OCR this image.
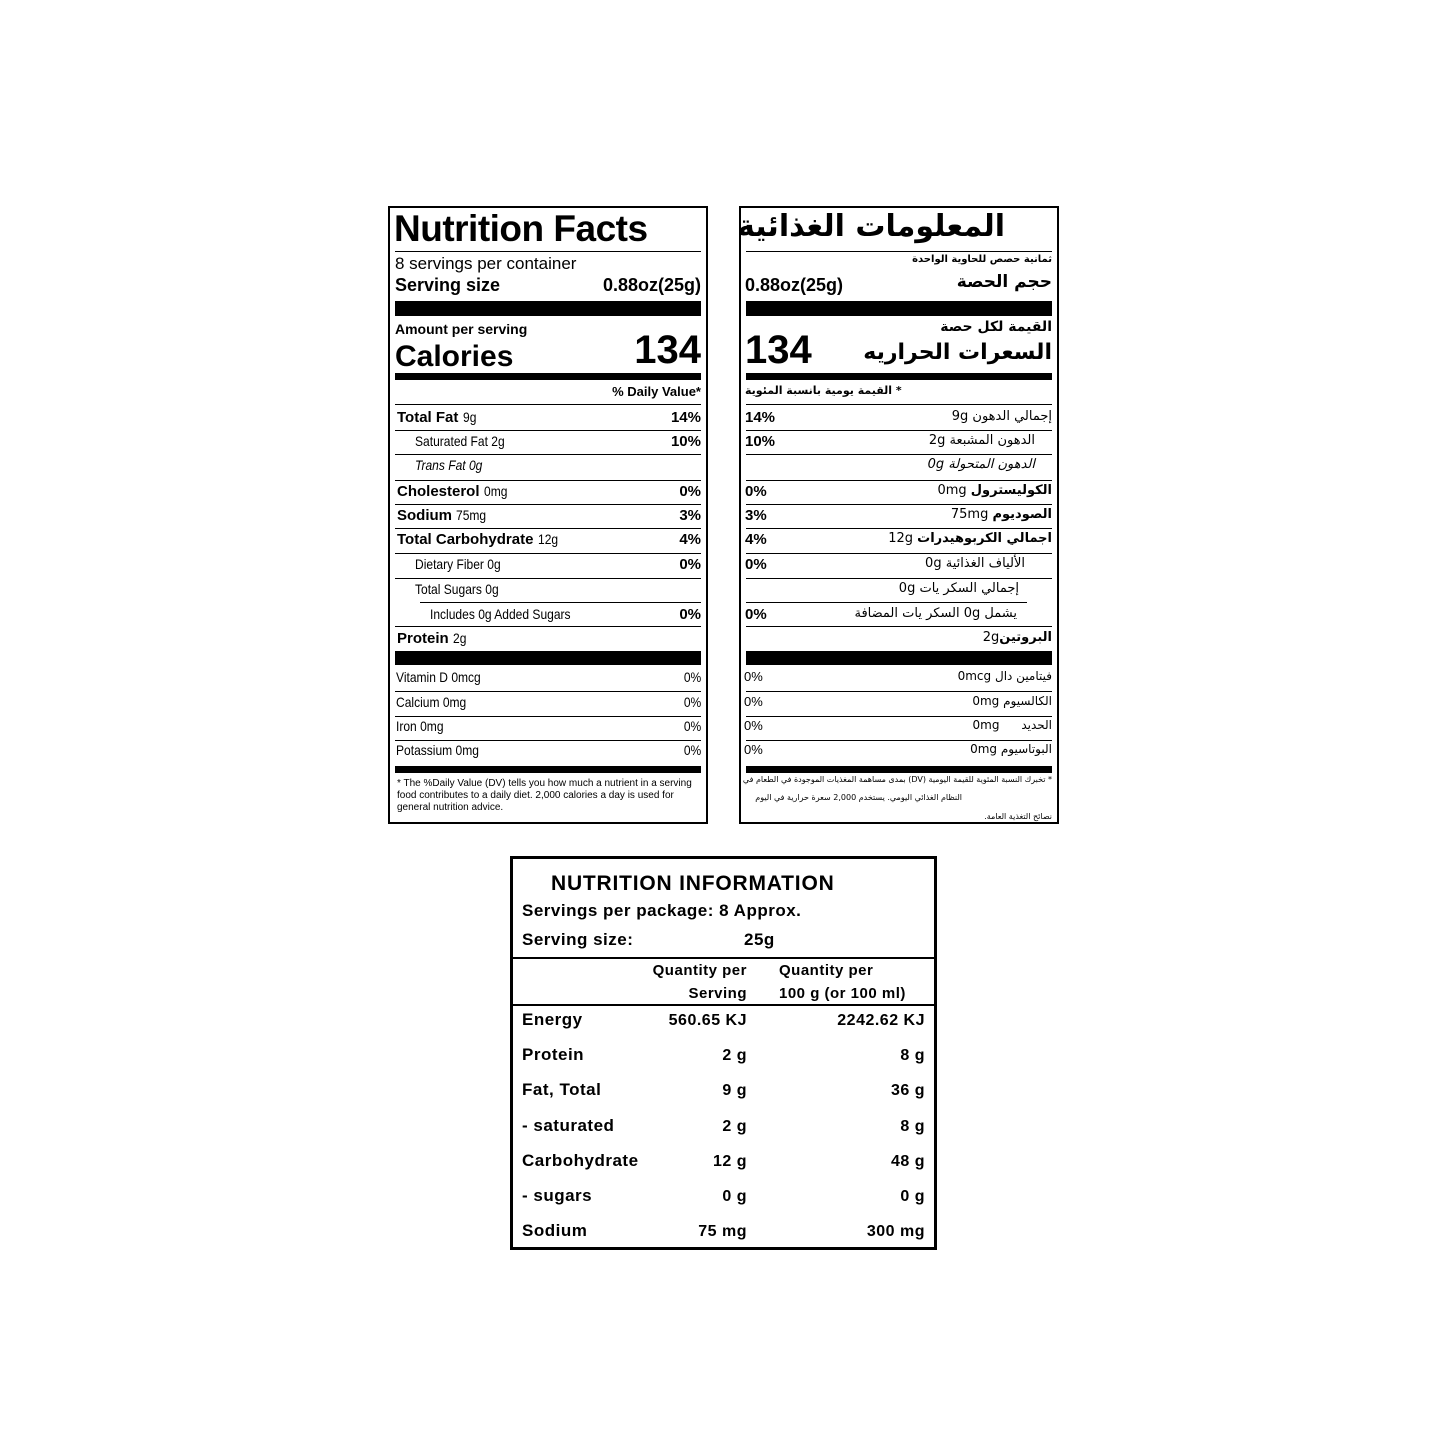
Nutrition Facts
8 servings per container
Serving size	0.88oz(25g)
Amount per serving
Calories	134
% Daily Value*
Total Fat 9g	14%
Saturated Fat 2g	10%
Trans Fat 0g
Cholesterol 0mg	0%
Sodium 75mg	3%
Total Carbohydrate 12g	4%
Dietary Fiber 0g	0%
Total Sugars 0g
Includes 0g Added Sugars	0%
Protein 2g
Vitamin D 0mcg	0%
Calcium 0mg	0%
Iron 0mg	0%
Potassium 0mg	0%
* The %Daily Value (DV) tells you how much a nutrient in a serving food contributes to a daily diet. 2,000 calories a day is used for general nutrition advice.
المعلومات الغذائية
ثمانية حصص للحاوية الواحدة
0.88oz(25g)	حجم الحصة
القيمة لكل حصة
134 السعرات الحراريه
* القيمة يومية بانسبة المئوية
14%	إجمالي الدهون 9g
10%	الدهون المشبعة 2g
الدهون المتحولة 0g
0%	الكوليسترول 0mg
3%	الصوديوم 75mg
4%	اجمالي الكربوهيدرات 12g
0%	الألياف الغذائية 0g
إجمالي السكر يات 0g
0%	يشمل 0g السكر يات المضافة
البروتين2g
0%	فيتامين دال 0mcg
0%	الكالسيوم 0mg
0%	الحديد 0mg
0%	البوتاسيوم 0mg
* تخبرك النسبة المئوية للقيمة اليومية (DV) بمدى مساهمة المغذيات الموجودة في الطعام في
النظام الغذائي اليومي. يستخدم 2,000 سعرة حرارية في اليوم
نصائح التغذية العامة.
NUTRITION INFORMATION
Servings per package: 8 Approx.
Serving size:	25g
Quantity per
Serving
Quantity per
100 g (or 100 ml)
Energy	560.65 KJ	2242.62 KJ
Protein	2 g	8 g
Fat, Total	9 g	36 g
- saturated	2 g	8 g
Carbohydrate	12 g	48 g
- sugars	0 g	0 g
Sodium	75 mg	300 mg
